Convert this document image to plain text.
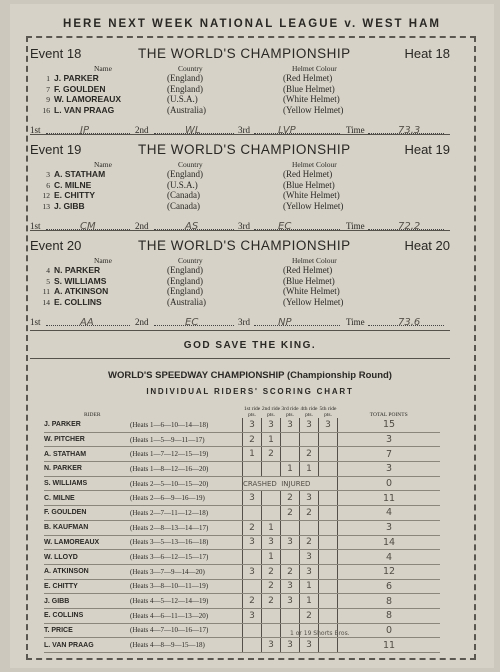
HERE NEXT WEEK NATIONAL LEAGUE v. WEST HAM
Event 18	THE WORLD'S CHAMPIONSHIP	Heat 18
Name	Country	Helmet Colour
1 J. PARKER	(England)	(Red Helmet)
7 F. GOULDEN	(England)	(Blue Helmet)
9 W. LAMOREAUX	(U.S.A.)	(White Helmet)
16 L. VAN PRAAG	(Australia)	(Yellow Helmet)
1st	JP	2nd	WL	3rd	LVP	Time	73.3
Event 19	THE WORLD'S CHAMPIONSHIP	Heat 19
Name	Country	Helmet Colour
3 A. STATHAM	(England)	(Red Helmet)
6 C. MILNE	(U.S.A.)	(Blue Helmet)
12 E. CHITTY	(Canada)	(White Helmet)
13 J. GIBB	(Canada)	(Yellow Helmet)
1st	CM	2nd	AS	3rd	EC	Time	72.2
Event 20	THE WORLD'S CHAMPIONSHIP	Heat 20
Name	Country	Helmet Colour
4 N. PARKER	(England)	(Red Helmet)
5 S. WILLIAMS	(England)	(Blue Helmet)
11 A. ATKINSON	(England)	(White Helmet)
14 E. COLLINS	(Australia)	(Yellow Helmet)
1st	AA	2nd	EC	3rd	NP	Time	73.6
GOD SAVE THE KING.
WORLD'S SPEEDWAY CHAMPIONSHIP (Championship Round)
INDIVIDUAL RIDERS' SCORING CHART
RIDER		1st ride pts.	2nd ride pts.	3rd ride pts.	4th ride pts.	5th ride pts.	TOTAL POINTS
J. PARKER	(Heats 1—6—10—14—18)	3	3	3	3	3	15
W. PITCHER	(Heats 1—5—9—11—17)	2	1				3
A. STATHAM	(Heats 1—7—12—15—19)	1	2		2		7
N. PARKER	(Heats 1—8—12—16—20)			1	1		3
S. WILLIAMS	(Heats 2—5—10—15—20)	CRASHED INJURED					0
C. MILNE	(Heats 2—6—9—16—19)	3		2	3		11
F. GOULDEN	(Heats 2—7—11—12—18)			2	2		4
B. KAUFMAN	(Heats 2—8—13—14—17)	2	1				3
W. LAMOREAUX	(Heats 3—5—13—16—18)	3	3	3	2		14
W. LLOYD	(Heats 3—6—12—15—17)		1		3		4
A. ATKINSON	(Heats 3—7—9—14—20)	3	2	2	3		12
E. CHITTY	(Heats 3—8—10—11—19)		2	3	1		6
J. GIBB	(Heats 4—5—12—14—19)	2	2	3	1		8
E. COLLINS	(Heats 4—6—11—13—20)	3			2		8
T. PRICE	(Heats 4—7—10—16—17)						0
L. VAN PRAAG	(Heats 4—8—9—15—18)		3	3	3		11
1 or 19 Shorts Bros.
